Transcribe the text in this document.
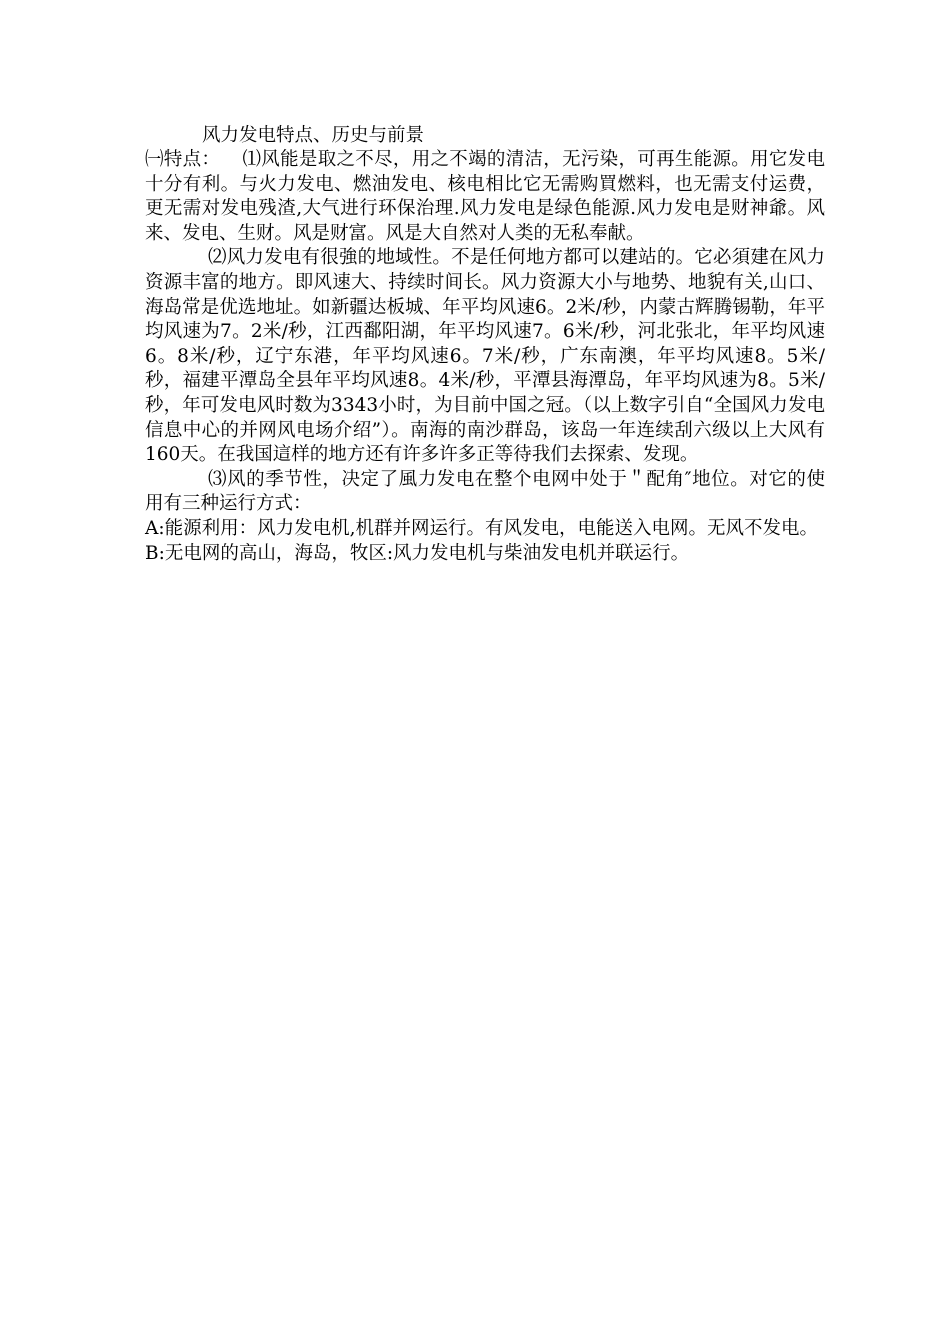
风力发电特点、历史与前景

㈠特点： ⑴风能是取之不尽，用之不竭的清洁，无污染，可再生能源。用它发电十分有利。与火力发电、燃油发电、核电相比它无需购買燃料，也无需支付运费，更无需对发电残渣,大气进行环保治理.风力发电是绿色能源.风力发电是财神爺。风来、发电、生财。风是财富。风是大自然对人类的无私奉献。

⑵风力发电有很強的地域性。不是任何地方都可以建站的。它必須建在风力资源丰富的地方。即风速大、持续时间长。风力资源大小与地势、地貌有关,山口、海岛常是优选地址。如新疆达板城、年平均风速6。2米/秒，内蒙古辉腾锡勒，年平均风速为7。2米/秒，江西鄱阳湖，年平均风速7。6米/秒，河北张北，年平均风速6。8米/秒，辽宁东港，年平均风速6。7米/秒，广东南澳，年平均风速8。5米/秒，福建平潭岛全县年平均风速8。4米/秒，平潭县海潭岛，年平均风速为8。5米/秒，年可发电风时数为3343小时，为目前中国之冠。（以上数字引自“全国风力发电信息中心的并网风电场介绍”）。南海的南沙群岛，该岛一年连续刮六级以上大风有160天。在我国這样的地方还有许多许多正等待我们去探索、发现。

⑶风的季节性，决定了風力发电在整个电网中处于＂配角″地位。对它的使用有三种运行方式：

A:能源利用：风力发电机,机群并网运行。有风发电，电能送入电网。无风不发电。

B:无电网的高山，海岛，牧区:风力发电机与柴油发电机并联运行。
